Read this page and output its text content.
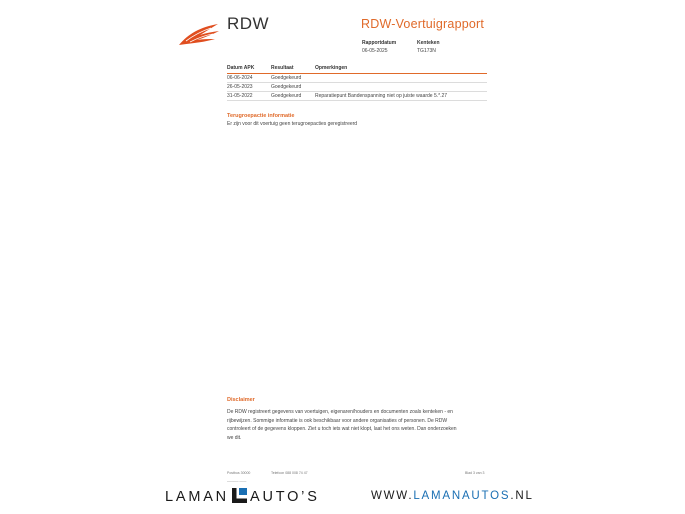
RDW	RDW-Voertuigrapport
Rapportdatum
06-05-2025
Kenteken
TG173N
Datum APK	Resultaat	Opmerkingen
06-06-2024	Goedgekeurd
26-05-2023	Goedgekeurd
31-05-2022	Goedgekeurd	Reparatiepunt Bandenspanning niet op juiste waarde 5.*.27
Terugroepactie informatie
Er zijn voor dit voertuig geen terugroepacties geregistreerd
Disclaimer
De RDW registreert gegevens van voertuigen, eigenaren/houders en documenten zoals kenteken - en
rijbewijzen. Sommige informatie is ook beschikbaar voor andere organisaties of personen. De RDW
controleert of de gegevens kloppen. Ziet u toch iets wat niet klopt, laat het ons weten. Dan onderzoeken
we dit.
Postbus 30000	Telefoon 088 008 74 47	Blad 3 van 3
▁▁▁▁▁ ▁▁▁
LAMAN AUTO’S	WWW.LAMANAUTOS.NL
